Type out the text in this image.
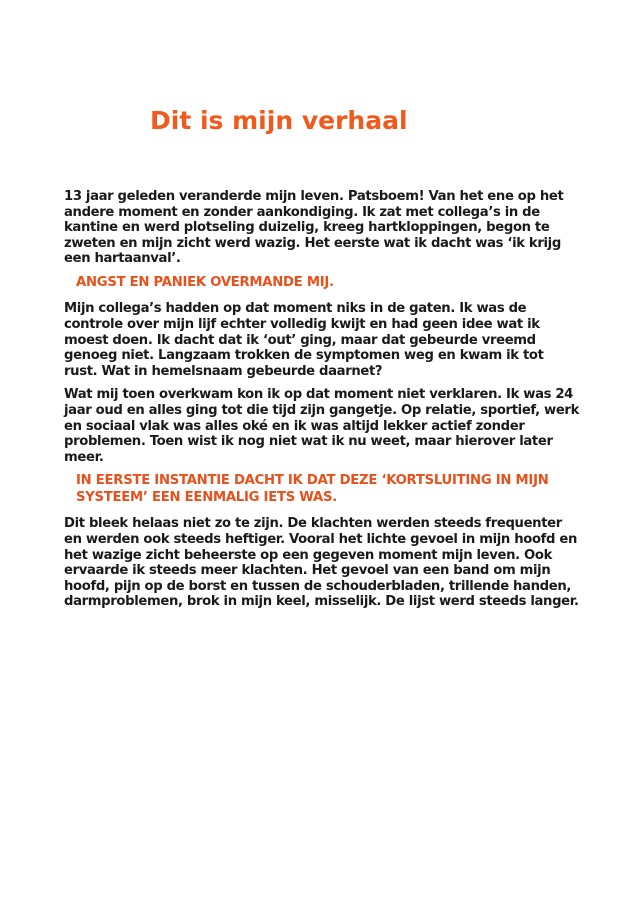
Dit is mijn verhaal

13 jaar geleden veranderde mijn leven. Patsboem! Van het ene op het andere moment en zonder aankondiging. Ik zat met collega’s in de kantine en werd plotseling duizelig, kreeg hartkloppingen, begon te zweten en mijn zicht werd wazig. Het eerste wat ik dacht was ‘ik krijg een hartaanval’.

ANGST EN PANIEK OVERMANDE MIJ.

Mijn collega’s hadden op dat moment niks in de gaten. Ik was de controle over mijn lijf echter volledig kwijt en had geen idee wat ik moest doen. Ik dacht dat ik ‘out’ ging, maar dat gebeurde vreemd genoeg niet. Langzaam trokken de symptomen weg en kwam ik tot rust. Wat in hemelsnaam gebeurde daarnet?

Wat mij toen overkwam kon ik op dat moment niet verklaren. Ik was 24 jaar oud en alles ging tot die tijd zijn gangetje. Op relatie, sportief, werk en sociaal vlak was alles oké en ik was altijd lekker actief zonder problemen. Toen wist ik nog niet wat ik nu weet, maar hierover later meer.

IN EERSTE INSTANTIE DACHT IK DAT DEZE ‘KORTSLUITING IN MIJN SYSTEEM’ EEN EENMALIG IETS WAS.

Dit bleek helaas niet zo te zijn. De klachten werden steeds frequenter en werden ook steeds heftiger. Vooral het lichte gevoel in mijn hoofd en het wazige zicht beheerste op een gegeven moment mijn leven. Ook ervaarde ik steeds meer klachten. Het gevoel van een band om mijn hoofd, pijn op de borst en tussen de schouderbladen, trillende handen, darmproblemen, brok in mijn keel, misselijk. De lijst werd steeds langer.
